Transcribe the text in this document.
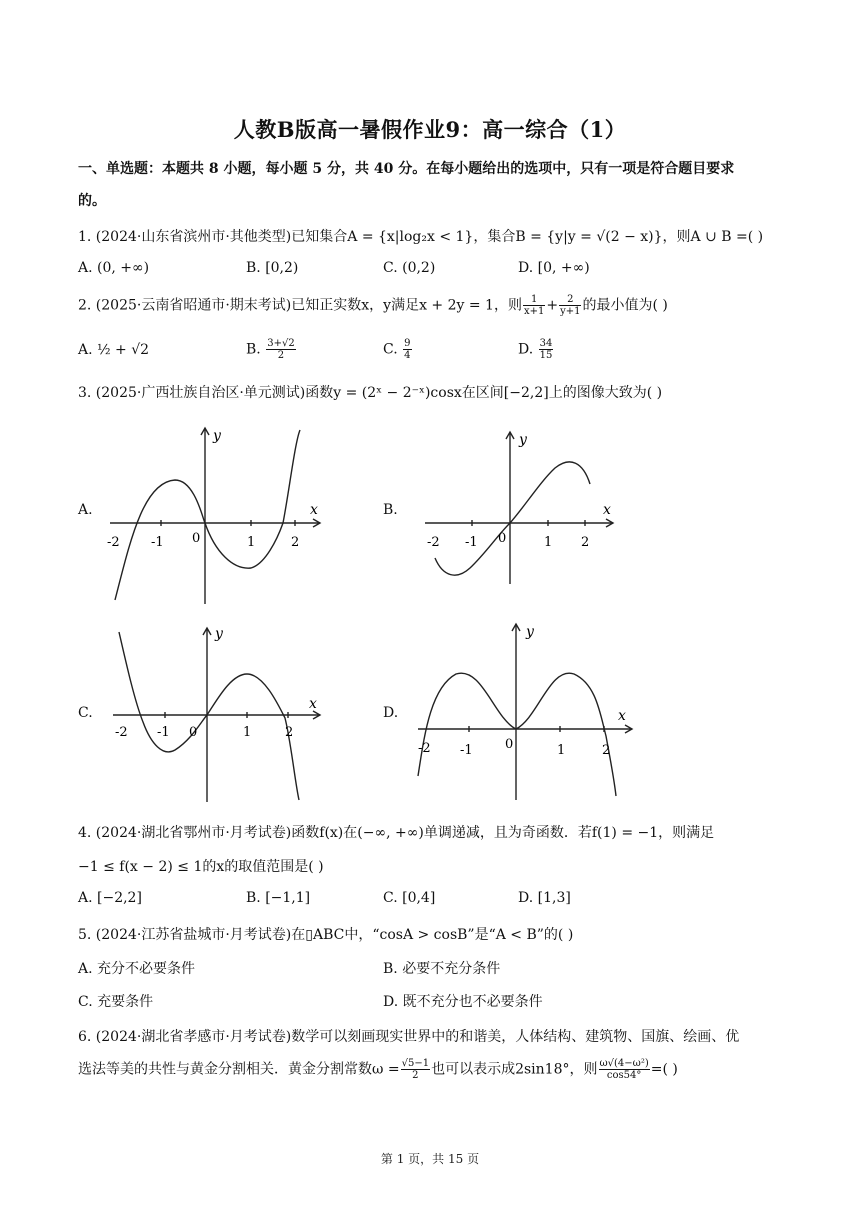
人教B版高一暑假作业9：高一综合（1）
一、单选题：本题共 8 小题，每小题 5 分，共 40 分。在每小题给出的选项中，只有一项是符合题目要求
的。
1. (2024·山东省滨州市·其他类型)已知集合A = {x|log₂x < 1}，集合B = {y|y = √(2 − x)}，则A ∪ B =( )
A. (0, +∞)	B. [0,2)	C. (0,2)	D. [0, +∞)
2. (2025·云南省昭通市·期末考试)已知正实数x，y满足x + 2y = 1，则 $\frac{1}{x+1} + \frac{2}{y+1}$ 的最小值为( )
A. ½ + √2	B. $\frac{3+√2}{2}$	C. $\frac{9}{4}$	D. $\frac{34}{15}$
3. (2025·广西壮族自治区·单元测试)函数y = (2ˣ − 2⁻ˣ)cosx在区间[−2,2]上的图像大致为( )
A.	B.
C.	D.
-2 -1 0	1	2
x
y
-2 -1 0	1 2
x
y
-2 -1 0	1	2
x
y
-2 -1 0	1	2
x
y
4. (2024·湖北省鄂州市·月考试卷)函数f(x)在(−∞, +∞)单调递减，且为奇函数．若f(1) = −1，则满足
−1 ≤ f(x − 2) ≤ 1的x的取值范围是( )
A. [−2,2]	B. [−1,1]	C. [0,4]	D. [1,3]
5. (2024·江苏省盐城市·月考试卷)在▯ABC中，“cosA > cosB”是“A < B”的( )
A. 充分不必要条件	B. 必要不充分条件
C. 充要条件	D. 既不充分也不必要条件
6. (2024·湖北省孝感市·月考试卷)数学可以刻画现实世界中的和谐美，人体结构、建筑物、国旗、绘画、优
选法等美的共性与黄金分割相关．黄金分割常数$\omega = \frac{√5-1}{2}$ 也可以表示成2sin18°，则 $\frac{\text{ω√(4−ω²)}}{\cos 54^\circ}$ =( )
第 1 页，共 15 页
